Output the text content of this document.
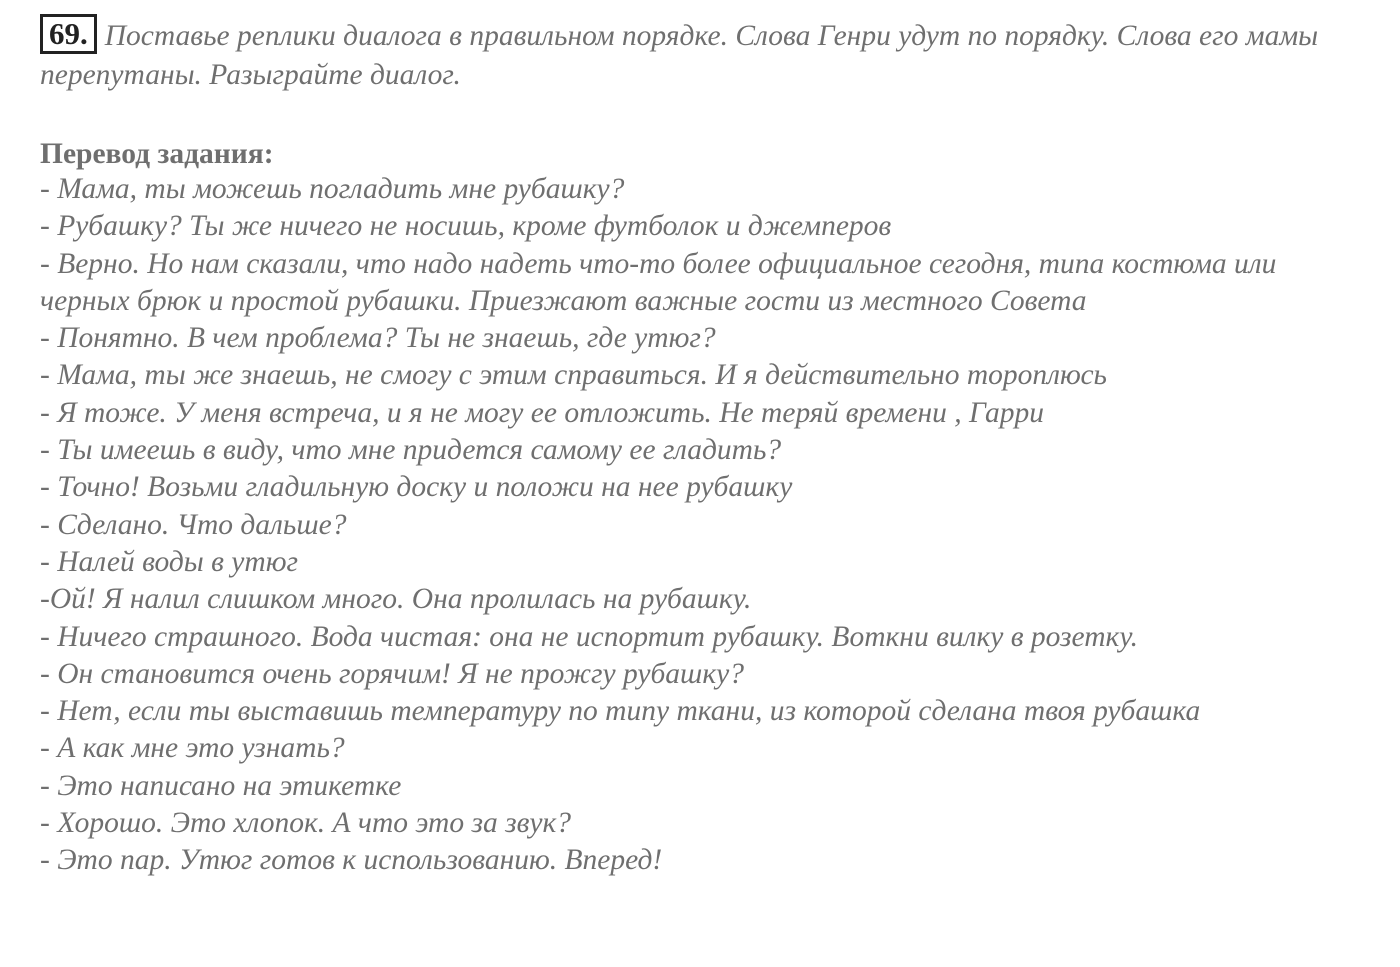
69. Поставье реплики диалога в правильном порядке. Слова Генри удут по порядку. Слова его мамы перепутаны. Разыграйте диалог.
Перевод задания:
- Мама, ты можешь погладить мне рубашку?
- Рубашку? Ты же ничего не носишь, кроме футболок и джемперов
- Верно. Но нам сказали, что надо надеть что-то более официальное сегодня, типа костюма или черных брюк и простой рубашки. Приезжают важные гости из местного Совета
- Понятно. В чем проблема? Ты не знаешь, где утюг?
- Мама, ты же знаешь, не смогу с этим справиться. И я действительно тороплюсь
- Я тоже. У меня встреча, и я не могу ее отложить. Не теряй времени , Гарри
- Ты имеешь в виду, что мне придется самому ее гладить?
- Точно! Возьми гладильную доску и положи на нее рубашку
- Сделано. Что дальше?
- Налей воды в утюг
-Ой! Я налил слишком много. Она пролилась на рубашку.
- Ничего страшного. Вода чистая: она не испортит рубашку. Воткни вилку в розетку.
- Он становится очень горячим! Я не прожгу рубашку?
- Нет, если ты выставишь температуру по типу ткани, из которой сделана твоя рубашка
- А как мне это узнать?
- Это написано на этикетке
- Хорошо. Это хлопок. А что это за звук?
- Это пар. Утюг готов к использованию. Вперед!
